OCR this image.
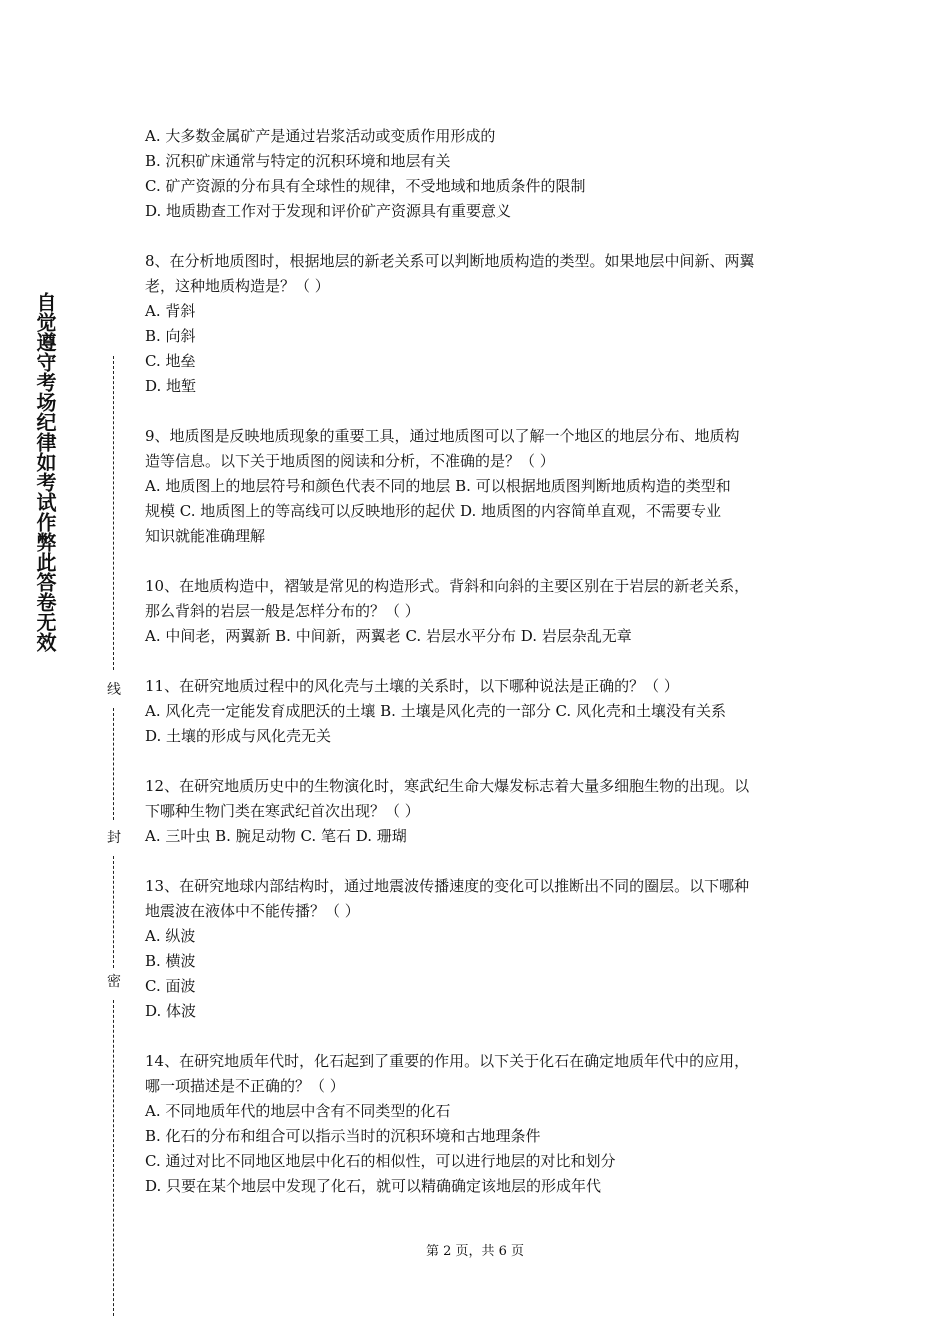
自觉遵守考场纪律如考试作弊此答卷无效
线
封
密
A. 大多数金属矿产是通过岩浆活动或变质作用形成的
B. 沉积矿床通常与特定的沉积环境和地层有关
C. 矿产资源的分布具有全球性的规律，不受地域和地质条件的限制
D. 地质勘查工作对于发现和评价矿产资源具有重要意义
8、在分析地质图时，根据地层的新老关系可以判断地质构造的类型。如果地层中间新、两翼
老，这种地质构造是？（ ）
A. 背斜
B. 向斜
C. 地垒
D. 地堑
9、地质图是反映地质现象的重要工具，通过地质图可以了解一个地区的地层分布、地质构
造等信息。以下关于地质图的阅读和分析，不准确的是？（ ）
A. 地质图上的地层符号和颜色代表不同的地层 B. 可以根据地质图判断地质构造的类型和
规模 C. 地质图上的等高线可以反映地形的起伏 D. 地质图的内容简单直观，不需要专业
知识就能准确理解
10、在地质构造中，褶皱是常见的构造形式。背斜和向斜的主要区别在于岩层的新老关系，
那么背斜的岩层一般是怎样分布的？（ ）
A. 中间老，两翼新 B. 中间新，两翼老 C. 岩层水平分布 D. 岩层杂乱无章
11、在研究地质过程中的风化壳与土壤的关系时，以下哪种说法是正确的？（ ）
A. 风化壳一定能发育成肥沃的土壤 B. 土壤是风化壳的一部分 C. 风化壳和土壤没有关系
D. 土壤的形成与风化壳无关
12、在研究地质历史中的生物演化时，寒武纪生命大爆发标志着大量多细胞生物的出现。以
下哪种生物门类在寒武纪首次出现？（ ）
A. 三叶虫 B. 腕足动物 C. 笔石 D. 珊瑚
13、在研究地球内部结构时，通过地震波传播速度的变化可以推断出不同的圈层。以下哪种
地震波在液体中不能传播？（ ）
A. 纵波
B. 横波
C. 面波
D. 体波
14、在研究地质年代时，化石起到了重要的作用。以下关于化石在确定地质年代中的应用，
哪一项描述是不正确的？（ ）
A. 不同地质年代的地层中含有不同类型的化石
B. 化石的分布和组合可以指示当时的沉积环境和古地理条件
C. 通过对比不同地区地层中化石的相似性，可以进行地层的对比和划分
D. 只要在某个地层中发现了化石，就可以精确确定该地层的形成年代
第 2 页，共 6 页
